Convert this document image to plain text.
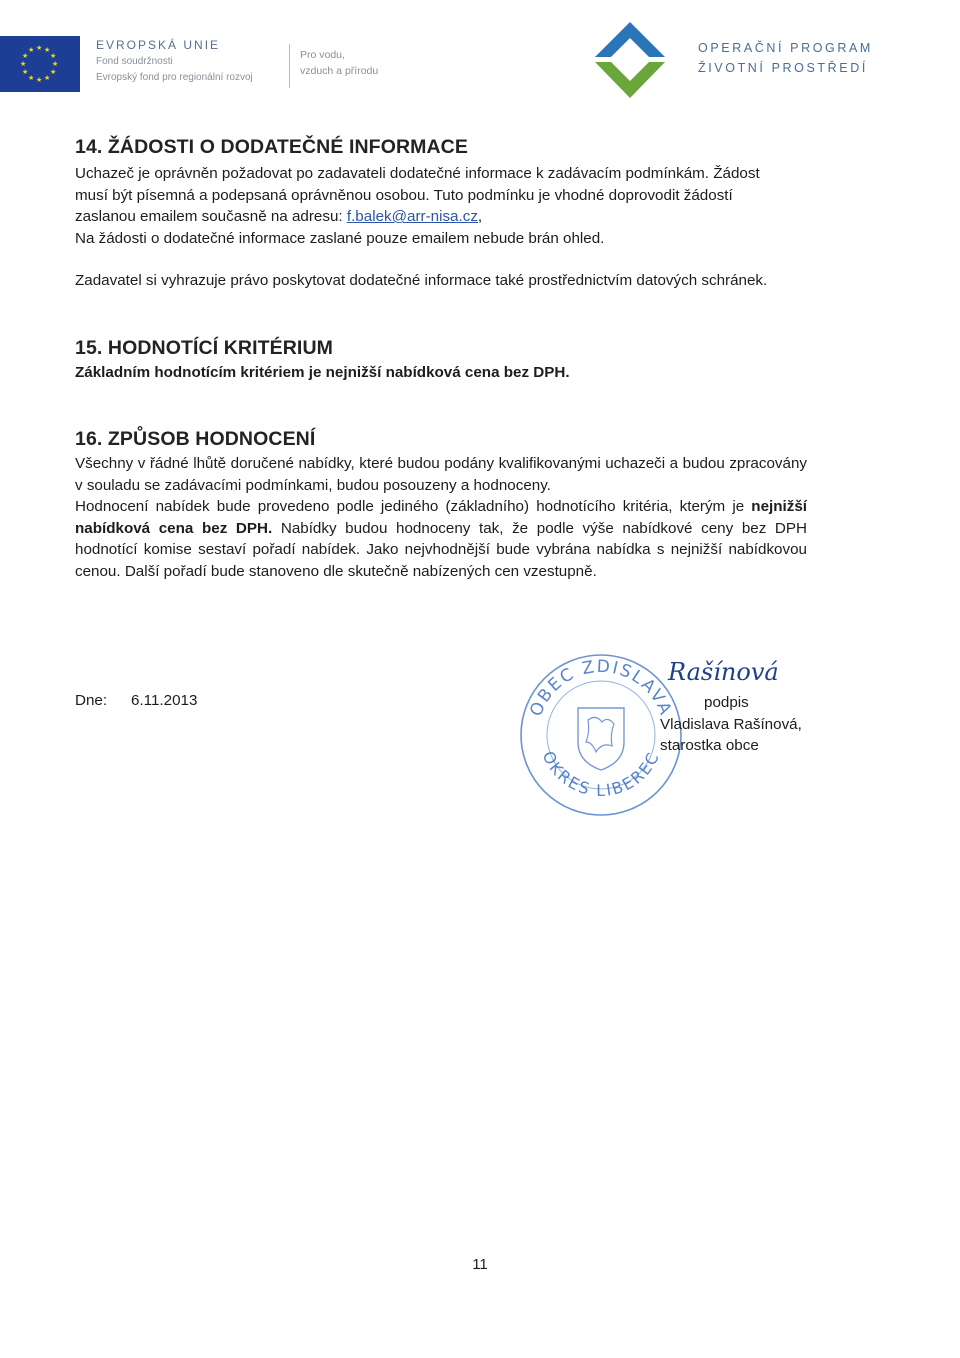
★ ★
★
★
★
★
★
★
★
★
★
★	EVROPSKÁ UNIE
Fond soudržnosti
Evropský fond pro regionální rozvoj
Pro vodu,
vzduch a přírodu
OPERAČNÍ PROGRAM
ŽIVOTNÍ PROSTŘEDÍ
14. ŽÁDOSTI O DODATEČNÉ INFORMACE

Uchazeč je oprávněn požadovat po zadavateli dodatečné informace k zadávacím podmínkám. Žádost
musí být písemná a podepsaná oprávněnou osobou. Tuto podmínku je vhodné doprovodit žádostí
zaslanou emailem současně na adresu: f.balek@arr-nisa.cz,
Na žádosti o dodatečné informace zaslané pouze emailem nebude brán ohled.

Zadavatel si vyhrazuje právo poskytovat dodatečné informace také prostřednictvím datových schránek.

15. HODNOTÍCÍ KRITÉRIUM

Základním hodnotícím kritériem je nejnižší nabídková cena bez DPH.

16. ZPŮSOB HODNOCENÍ

Všechny v řádné lhůtě doručené nabídky, které budou podány kvalifikovanými uchazeči a budou zpracovány v souladu se zadávacími podmínkami, budou posouzeny a hodnoceny.

Hodnocení nabídek bude provedeno podle jediného (základního) hodnotícího kritéria, kterým je nejnižší nabídková cena bez DPH. Nabídky budou hodnoceny tak, že podle výše nabídkové ceny bez DPH hodnotící komise sestaví pořadí nabídek. Jako nejvhodnější bude vybrána nabídka s nejnižší nabídkovou cenou. Další pořadí bude stanoveno dle skutečně nabízených cen vzestupně.

Dne: 6.11.2013	OBEC ZDISLAVA
OKRES LIBEREC
Rašínová
podpis
Vladislava Rašínová,
starostka obce
11
